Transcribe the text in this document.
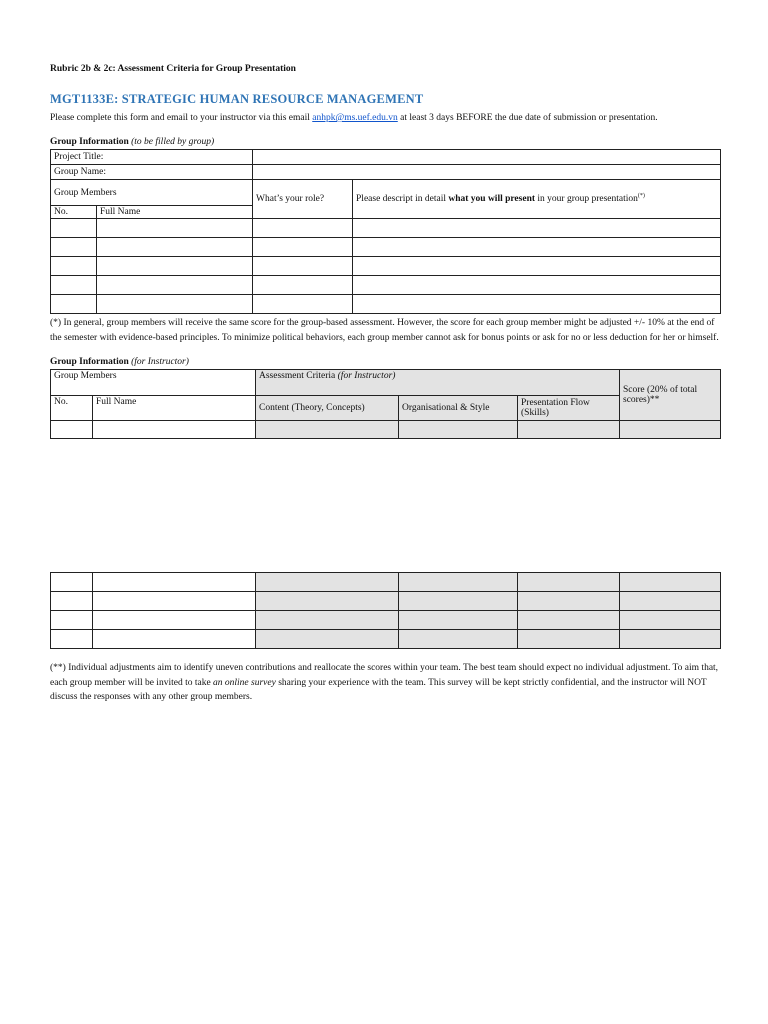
Rubric 2b & 2c: Assessment Criteria for Group Presentation

MGT1133E: STRATEGIC HUMAN RESOURCE MANAGEMENT

Please complete this form and email to your instructor via this email anhpk@ms.uef.edu.vn at least 3 days BEFORE the due date of submission or presentation.

Group Information (to be filled by group)

Project Title:			
Group Name:			
Group Members		What’s your role?	Please descript in detail what you will present in your group presentation(*)
No.	Full Name		

(*) In general, group members will receive the same score for the group-based assessment. However, the score for each group member might be adjusted +/- 10% at the end of the semester with evidence-based principles. To minimize political behaviors, each group member cannot ask for bonus points or ask for no or less deduction for her or himself.

Group Information (for Instructor)

Group Members		Assessment Criteria (for Instructor)			Score (20% of total scores)**
No.	Full Name	Content (Theory, Concepts)	Organisational & Style	Presentation Flow (Skills)	

(**) Individual adjustments aim to identify uneven contributions and reallocate the scores within your team. The best team should expect no individual adjustment. To aim that, each group member will be invited to take an online survey sharing your experience with the team. This survey will be kept strictly confidential, and the instructor will NOT discuss the responses with any other group members.
